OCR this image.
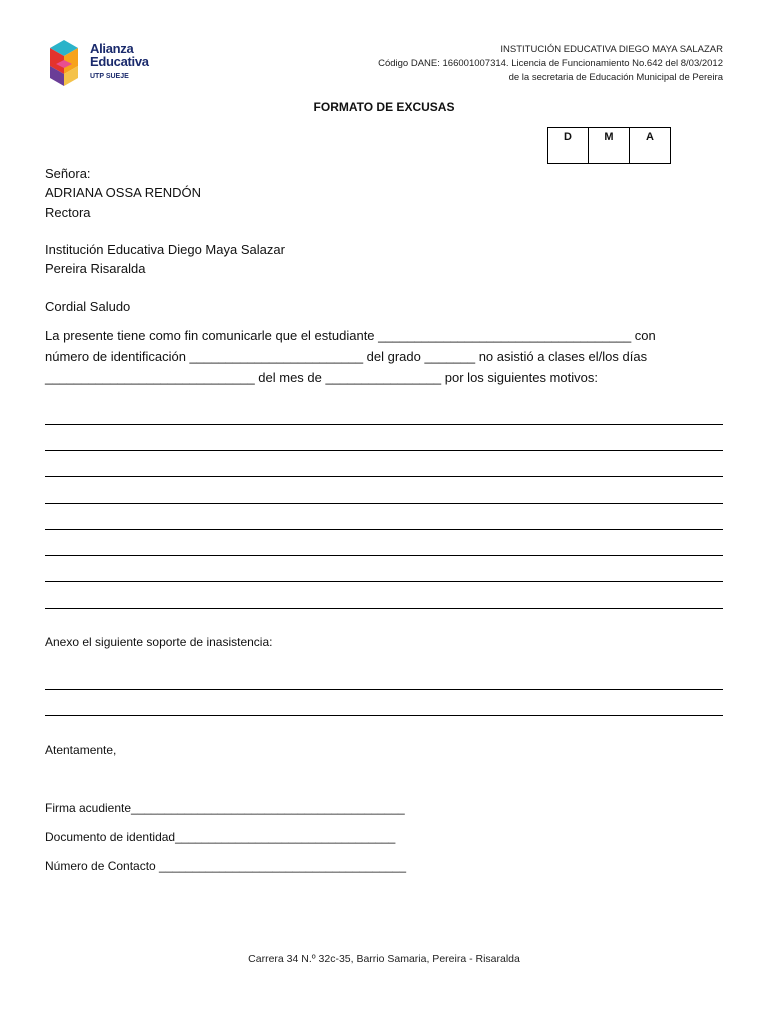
Alianza
Educativa
UTP SUEJE
INSTITUCIÓN EDUCATIVA DIEGO MAYA SALAZAR
Código DANE: 166001007314. Licencia de Funcionamiento No.642 del 8/03/2012
de la secretaria de Educación Municipal de Pereira
FORMATO DE EXCUSAS
D	M	A
Señora:
ADRIANA OSSA RENDÓN
Rectora
Institución Educativa Diego Maya Salazar
Pereira Risaralda
Cordial Saludo
La presente tiene como fin comunicarle que el estudiante ___________________________________ con
número de identificación ________________________ del grado _______ no asistió a clases el/los días
_____________________________ del mes de ________________ por los siguientes motivos:
Anexo el siguiente soporte de inasistencia:
Atentamente,
Firma acudiente_________________________________________
Documento de identidad_________________________________
Número de Contacto _____________________________________
Carrera 34 N.º 32c-35, Barrio Samaria, Pereira - Risaralda
